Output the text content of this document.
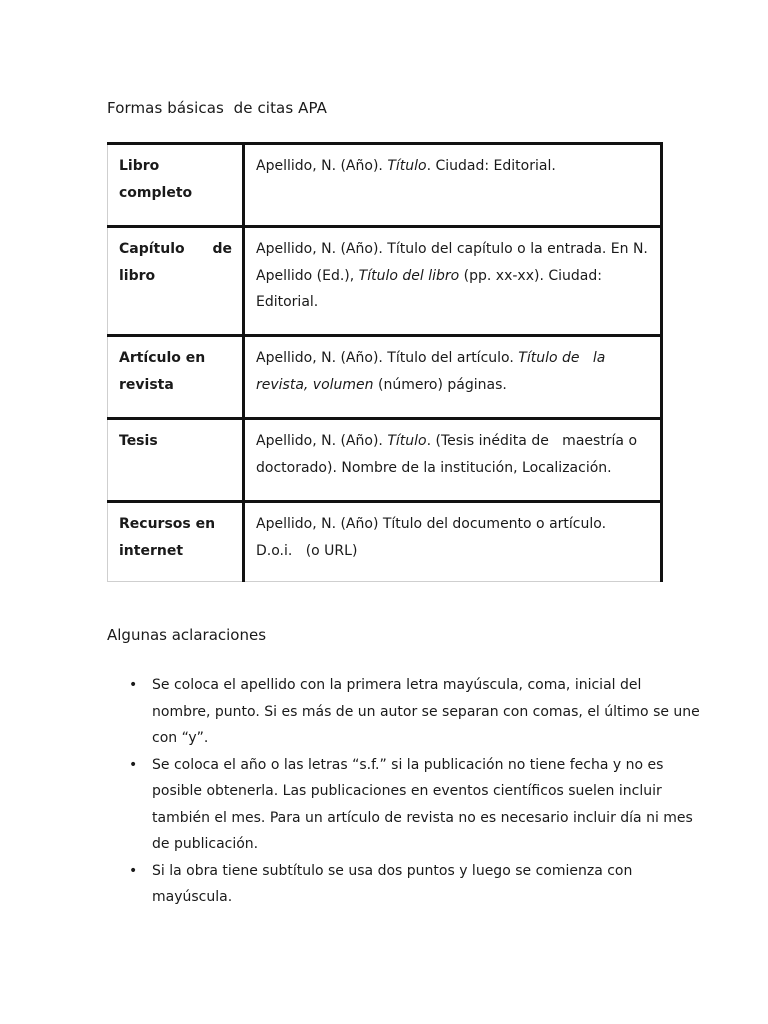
Formas básicas  de citas APA
Libro
completo	Apellido, N. (Año). Título. Ciudad: Editorial.

Capítulo de
libro	Apellido, N. (Año). Título del capítulo o la entrada. En N. Apellido (Ed.), Título del libro (pp. xx-xx). Ciudad: Editorial.
Artículo en
revista	Apellido, N. (Año). Título del artículo. Título de   la revista, volumen (número) páginas.
Tesis	Apellido, N. (Año). Título. (Tesis inédita de   maestría o doctorado). Nombre de la institución, Localización.
Recursos en
internet	Apellido, N. (Año) Título del documento o artículo.
D.o.i.   (o URL)
Algunas aclaraciones
• Se coloca el apellido con la primera letra mayúscula, coma, inicial del nombre, punto. Si es más de un autor se separan con comas, el último se une con “y”.
• Se coloca el año o las letras “s.f.” si la publicación no tiene fecha y no es posible obtenerla. Las publicaciones en eventos científicos suelen incluir también el mes. Para un artículo de revista no es necesario incluir día ni mes de publicación.
• Si la obra tiene subtítulo se usa dos puntos y luego se comienza con mayúscula.
